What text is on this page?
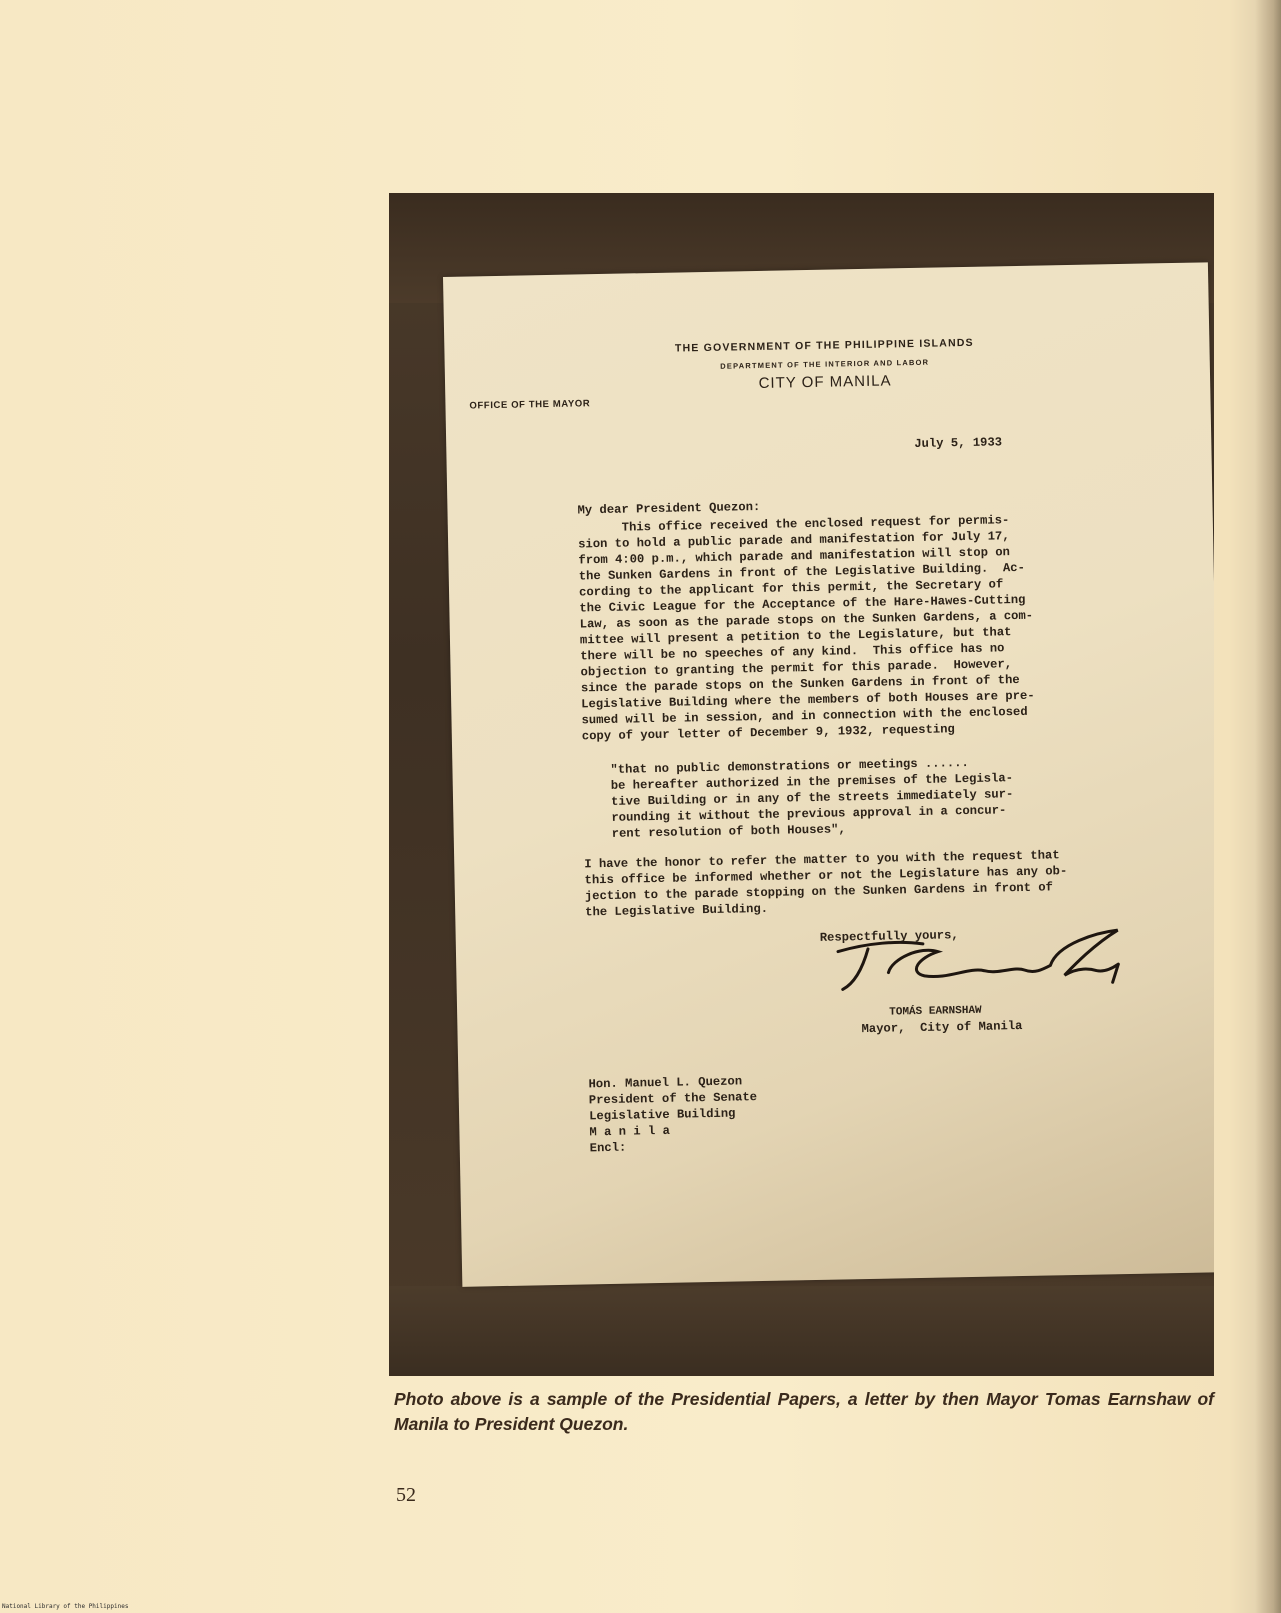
THE GOVERNMENT OF THE PHILIPPINE ISLANDS
DEPARTMENT OF THE INTERIOR AND LABOR
CITY OF MANILA
OFFICE OF THE MAYOR
July 5, 1933
My dear President Quezon:
This office received the enclosed request for permis-
sion to hold a public parade and manifestation for July 17,
from 4:00 p.m., which parade and manifestation will stop on
the Sunken Gardens in front of the Legislative Building.  Ac-
cording to the applicant for this permit, the Secretary of
the Civic League for the Acceptance of the Hare-Hawes-Cutting
Law, as soon as the parade stops on the Sunken Gardens, a com-
mittee will present a petition to the Legislature, but that
there will be no speeches of any kind.  This office has no
objection to granting the permit for this parade.  However,
since the parade stops on the Sunken Gardens in front of the
Legislative Building where the members of both Houses are pre-
sumed will be in session, and in connection with the enclosed
copy of your letter of December 9, 1932, requesting
"that no public demonstrations or meetings ......
be hereafter authorized in the premises of the Legisla-
tive Building or in any of the streets immediately sur-
rounding it without the previous approval in a concur-
rent resolution of both Houses",
I have the honor to refer the matter to you with the request that
this office be informed whether or not the Legislature has any ob-
jection to the parade stopping on the Sunken Gardens in front of
the Legislative Building.
Respectfully yours,
TOMÁS EARNSHAW
Mayor,  City of Manila
Hon. Manuel L. Quezon
President of the Senate
Legislative Building
M a n i l a
Encl:
Photo above is a sample of the Presidential Papers, a letter by then Mayor Tomas Earnshaw of Manila to President Quezon.
52
National Library of the Philippines
